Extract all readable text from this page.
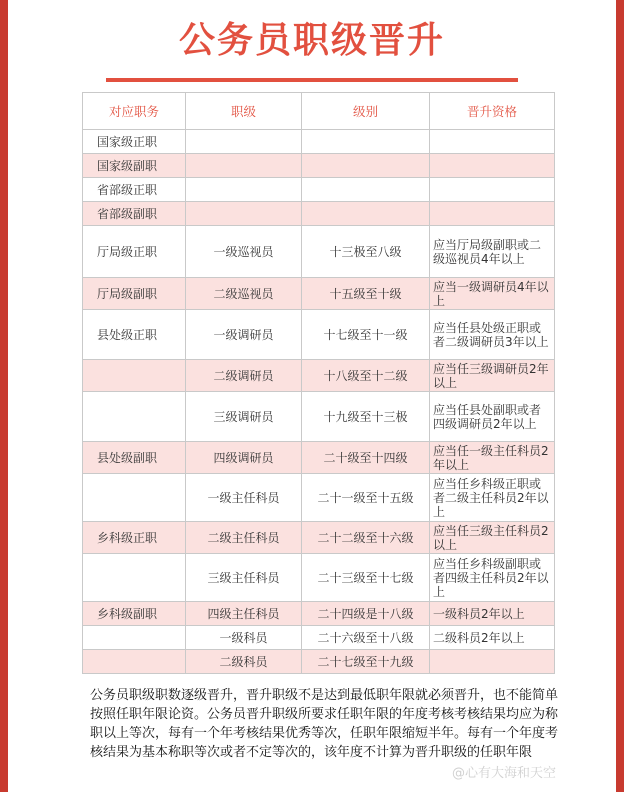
公务员职级晋升
对应职务	职级	级别	晋升资格
国家级正职			
国家级副职			
省部级正职			
省部级副职			
厅局级正职	一级巡视员	十三极至八级	应当厅局级副职或二级巡视员4年以上
厅局级副职	二级巡视员	十五级至十级	应当一级调研员4年以上
县处级正职	一级调研员	十七级至十一级	应当任县处级正职或者二级调研员3年以上
	二级调研员	十八级至十二级	应当任三级调研员2年以上
	三级调研员	十九级至十三极	应当任县处副职或者四级调研员2年以上
县处级副职	四级调研员	二十级至十四级	应当任一级主任科员2年以上
	一级主任科员	二十一级至十五级	应当任乡科级正职或者二级主任科员2年以上
乡科级正职	二级主任科员	二十二级至十六级	应当任三级主任科员2以上
	三级主任科员	二十三级至十七级	应当任乡科级副职或者四级主任科员2年以上
乡科级副职	四级主任科员	二十四级是十八级	一级科员2年以上
	一级科员	二十六级至十八级	二级科员2年以上
	二级科员	二十七级至十九级	
公务员职级职数逐级晋升，晋升职级不是达到最低职年限就必须晋升，也不能简单按照任职年限论资。公务员晋升职级所要求任职年限的年度考核考核结果均应为称职以上等次，每有一个年考核结果优秀等次，任职年限缩短半年。每有一个年度考核结果为基本称职等次或者不定等次的，该年度不计算为晋升职级的任职年限
@心有大海和天空
